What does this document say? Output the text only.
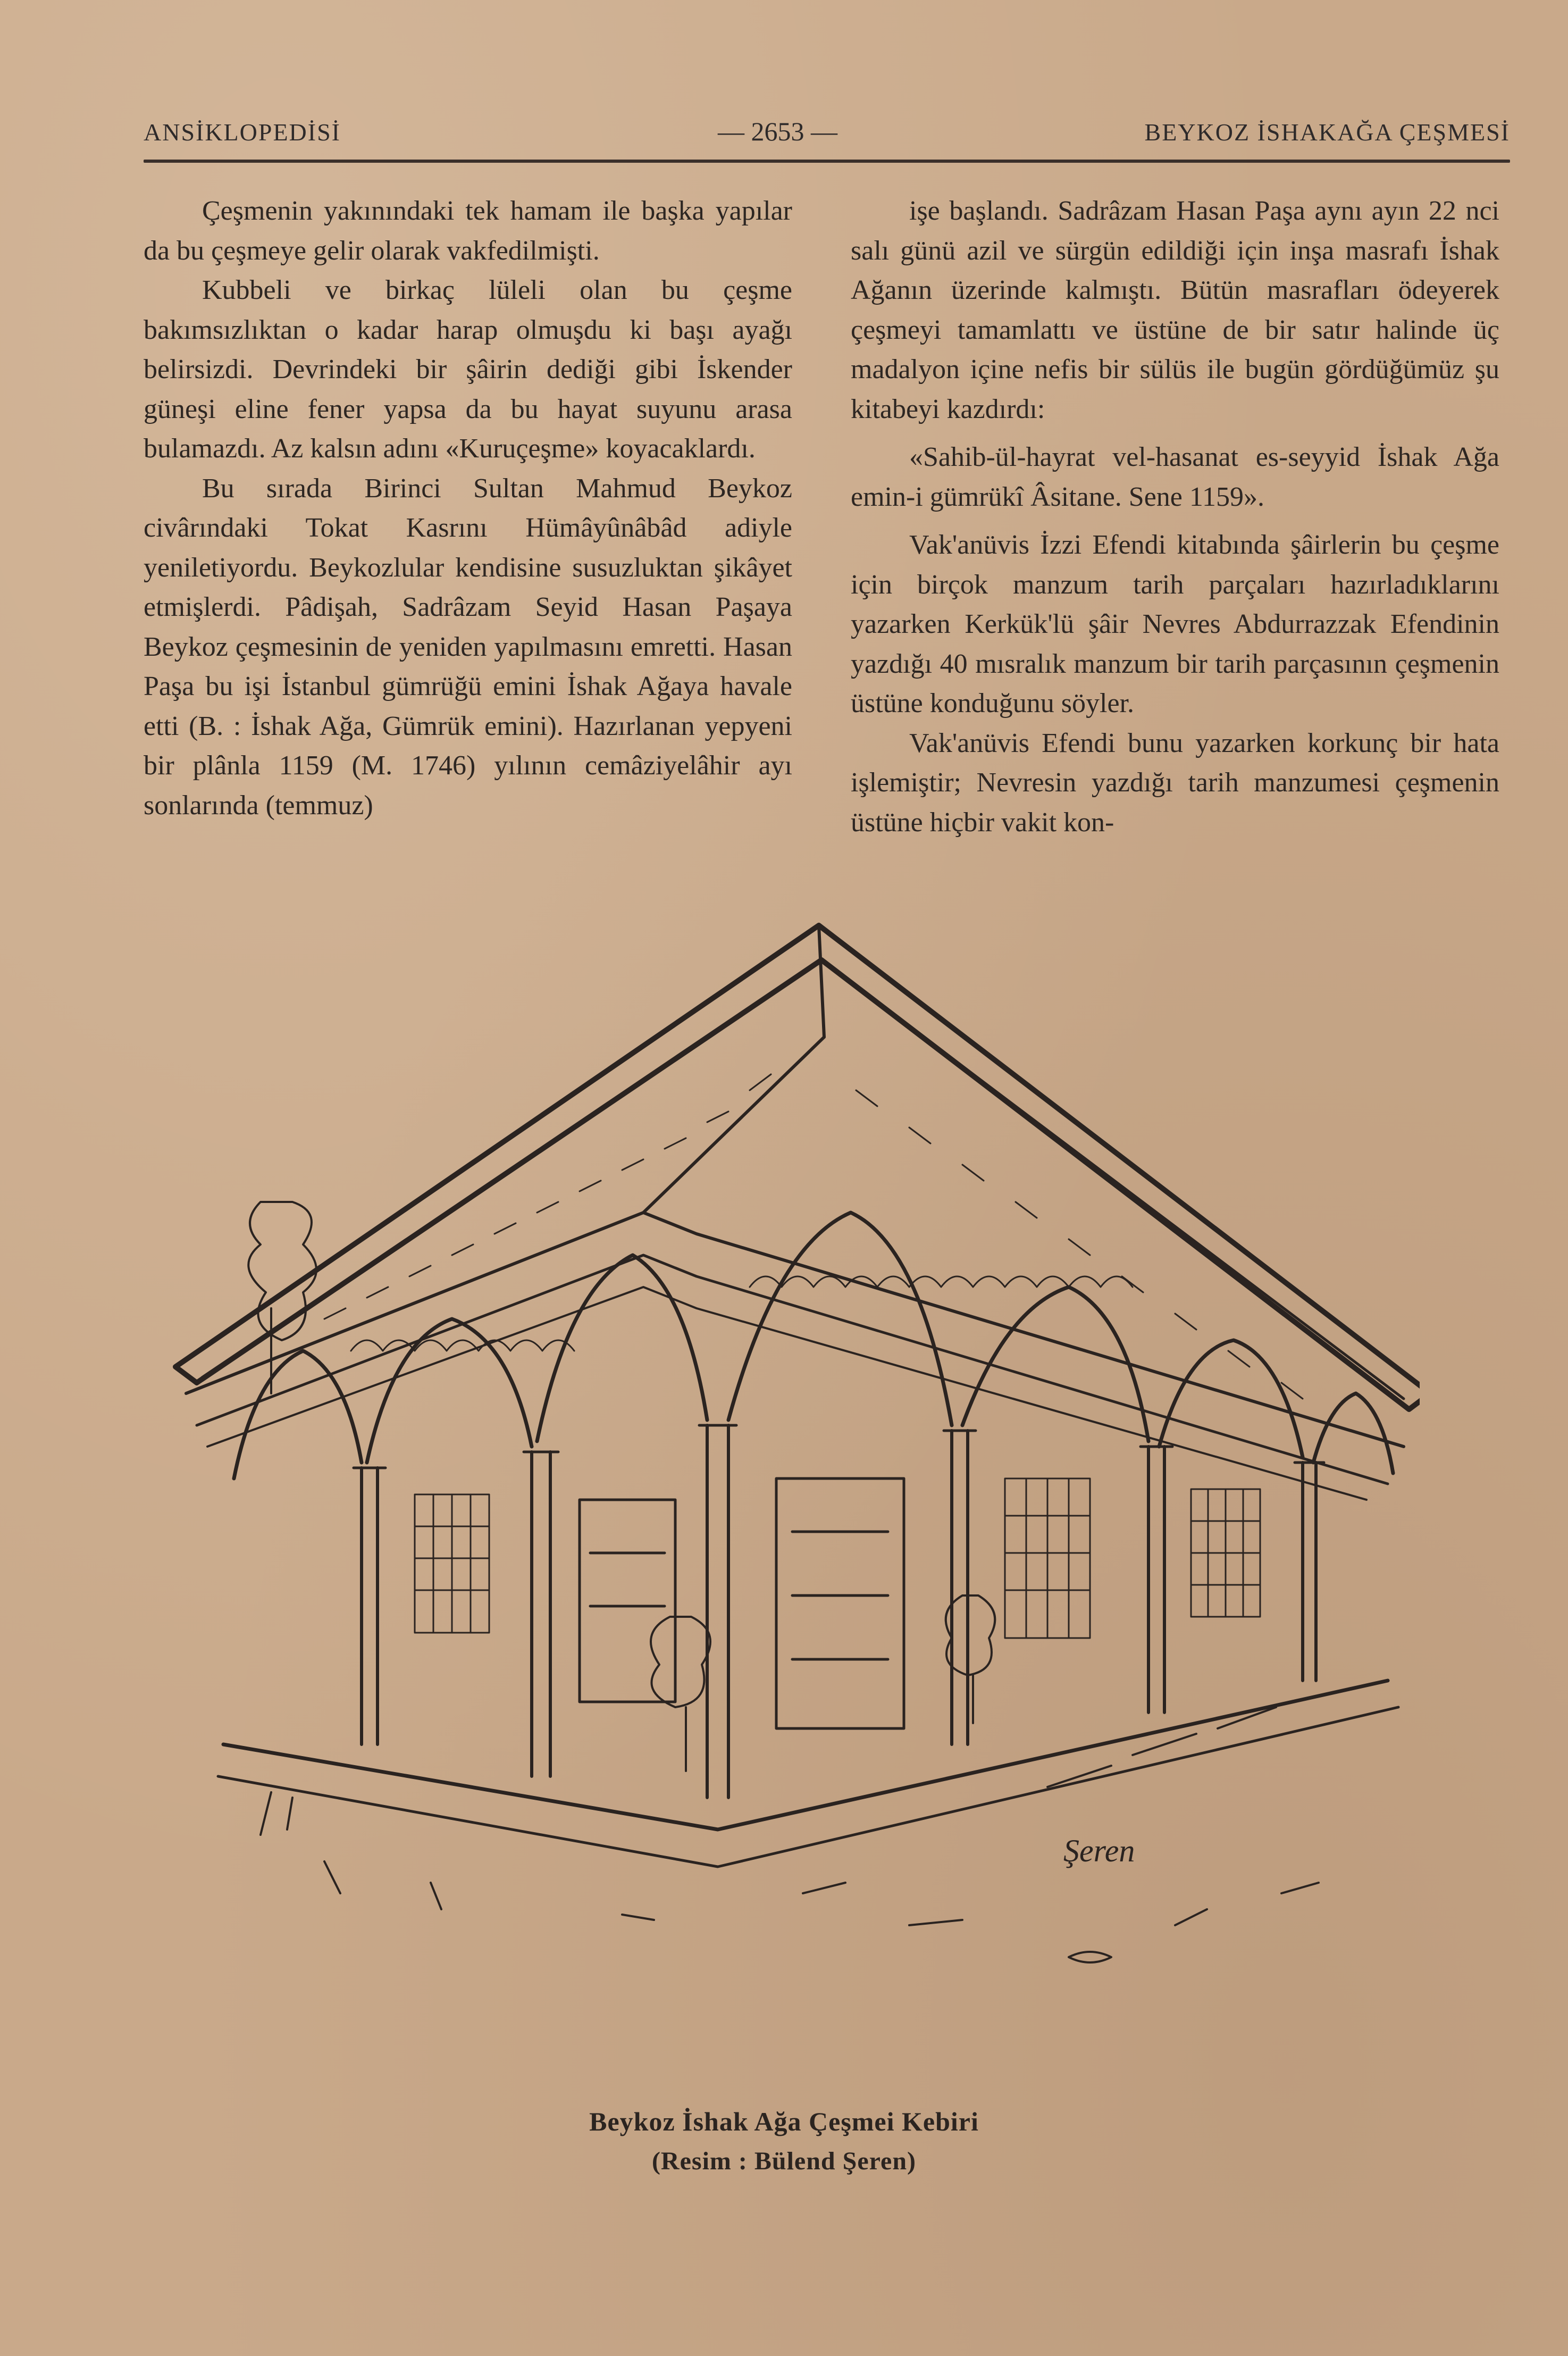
ANSİKLOPEDİSİ	— 2653 —	BEYKOZ İSHAKAĞA ÇEŞMESİ

Çeşmenin yakınındaki tek hamam ile başka yapılar da bu çeşmeye gelir olarak vakfedilmişti.

Kubbeli ve birkaç lüleli olan bu çeşme bakımsızlıktan o kadar harap olmuşdu ki başı ayağı belirsizdi. Devrindeki bir şâirin dediği gibi İskender güneşi eline fener yapsa da bu hayat suyunu arasa bulamazdı. Az kalsın adını «Kuruçeşme» koyacaklardı.

Bu sırada Birinci Sultan Mahmud Beykoz civârındaki Tokat Kasrını Hümâyûnâbâd adiyle yeniletiyordu. Beykozlular kendisine susuzluktan şikâyet etmişlerdi. Pâdişah, Sadrâzam Seyid Hasan Paşaya Beykoz çeşmesinin de yeniden yapılmasını emretti. Hasan Paşa bu işi İstanbul gümrüğü emini İshak Ağaya havale etti (B. : İshak Ağa, Gümrük emini). Hazırlanan yepyeni bir plânla 1159 (M. 1746) yılının cemâziyelâhir ayı sonlarında (temmuz)

işe başlandı. Sadrâzam Hasan Paşa aynı ayın 22 nci salı günü azil ve sürgün edildiği için inşa masrafı İshak Ağanın üzerinde kalmıştı. Bütün masrafları ödeyerek çeşmeyi tamamlattı ve üstüne de bir satır halinde üç madalyon içine nefis bir sülüs ile bugün gördüğümüz şu kitabeyi kazdırdı:

«Sahib-ül-hayrat vel-hasanat es-seyyid İshak Ağa emin-i gümrükî Âsitane. Sene 1159».

Vak'anüvis İzzi Efendi kitabında şâirlerin bu çeşme için birçok manzum tarih parçaları hazırladıklarını yazarken Kerkük'lü şâir Nevres Abdurrazzak Efendinin yazdığı 40 mısralık manzum bir tarih parçasının çeşmenin üstüne konduğunu söyler.

Vak'anüvis Efendi bunu yazarken korkunç bir hata işlemiştir; Nevresin yazdığı tarih manzumesi çeşmenin üstüne hiçbir vakit kon-

Şeren
Beykoz İshak Ağa Çeşmei Kebiri
(Resim : Bülend Şeren)
